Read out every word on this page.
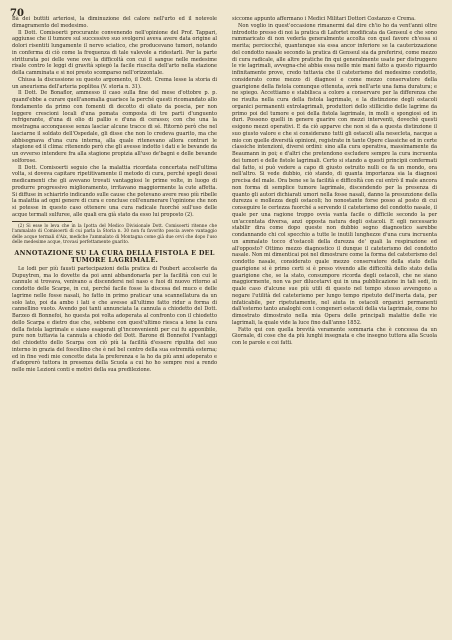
70

Bà dei buttiti arteriosi, la diminuzione del calore nell'urto ed il notevole dimagramento del medesimo.

Il Dott. Comisoerti procurante convenendo nell'opinione del Prof. Tappari, aggiunse che il tumore sul successivo suo svolgersi aveva avere data origine al dolori risentiti lungamente il nervo sciatico, che producevano tumori, notando in conferma di ciò come la frequenza di tale valevole a ridestarli. Per la parte stritturata poi delle vene ove la difficoltà con cui il sangue nelle medesime risale contro le leggi di gravità spiegò la facile riuscita dell'arto nella stazione della camminata e si noi presto scomparso nell'orizzontale.

Chiusa la discussione su questo argomento, il Dott. Crema lesse la storia di un aneurisma dell'arteria poplitea (V. storia n. 31).

Il Dott. De Bonaflor, ammesso il caso sulla fine del mese d'ottobre p. p. quand'ebbe a curare quell'anomalia guarisce la perché questi ricomandato allo fondamento da primo con fomenti di decotto di oliato da poscia, per non leggere crescioni locali d'una pomata composta di tre parti d'unguento refrigerante, d'una di olio di pallio e d'una di cerasso; con che una la mostragna acconquesse senza lasciar alcune tracce di sé. Ritornò però che nel lasciarne il soldato dell'Ospedale, gli disse che non lo credeva guarito, ma che abbisognava d'una cura interna, alla quale ritenevano allora contrari le stagione ed il clima: ritenendo però che gli avesse indotto i dati e le bevande da un ovverso intendere fra alla stagione propizia all'uso de'bagni e delle bevande solforose.

Il Dott. Comisoerti seguio che la malattia ricordata concertata nell'ultima volta, si doveva capitare ripetitivamente il metodo di cura, perché spegli dessi medicamenti che gli avevano trovati vantaggiosi le prime volte, in luogo di produrre progressivo miglioramento, irritavano maggiormente la cute affetta. Si diffuse in schiarirlo indicando sulle cause che potevano avere reso più ribelle la malattia ad ogni genere di cura e concluse coll'enumerare l'opinione che non si potesse in questo caso ottenere una cura radicale fuorché sull'uso delle acque termali sulfuree, alle quali era già stato da esso lui proposto (2).

(2) Si esse lo leva che in la Ipotta del Medico Divisionale Dott. Comisoerti ritenne che l'ammalato di Comisoerti di cui parla la Storia n. 30 non fu favorito poscia avere vantaggio delle acque termali d'Aix, mediche l'ammalato di Montagna come già due ovvi che dopo l'uso delle medesime acque, trovasi perfettamente guarito.

ANNOTAZIONE SU LA CURA DELLA FISTOLA E DEL TUMORE LAGRIMALE.

Le lodi per più fausti partecipazioni della pratica di Foubert accolserle da Dupuytren, ma lo dovette da poi anni abbandonarla per la facilità con cui le cannule si trovava, venivano a discendersi nel naso e fuoi di nuovo ritorno al condotto delle Scarpe, in cui, perché facile fosse la discesa del muco e delle lagrime nelle fosse nasali, ho fatto in primo praticar una scannellatura da un solo lato, poi da ambo i lati e che avesse all'ultimo fatto ridur a forma di cannellino vuoto. Avendo poi tanti annunciata la cannula a chiodetto del Dott. Barzeo di Bonnefoi, ho questa poi volta adoperata al confronto con il chiodetto dello Scarpa e dietro due che, sebbene con quest'ultimo riesca a lene la cura della fistola lagrimale e siano esagerati gl'inconvenienti per cui fu apponibile, pure non tuttavia la cannula a chiodo del Dott. Barone di Bonnefoi l'vantaggi del chiodetto dello Scarpa con ciò più la facilità d'essere ripulita del suo interno in grazia del foscellino che è nel bel centro della sua estremità esterna; ed in fine vedi mie concette data la preferenza e la ho da più anni adoperato e d'adoprerò tuttora in presenza della Scuola a cui ho ho sempre resi a rendo nelle mie Lezioni conti e motivi della sua predilezione.

siccome appunto affermano i Medici Militari Dottori Costanzo e Crema.

Non voglio in quest'occasione rimanermi dal dire ch'io ho da vent'anni oltre introdotto presso di noi la pratica di Lafortet modificata da Genseul e che sono rammaricato di non vederla generalmente accolta con quel favore ch'essa si merita; perciocché, quantunque sia essa ancor inferiore se la cauterizzazione del condotto nasale secondo la pratica di Genseul sia da preferirsi, come mezzo di cura radicale, alle altre pratiche fin qui generalmente usate per distruggere le vie lagrimali, avvegna-ché abbia essa nelle mie mani fatto a questo riguardo infinitamente prove, credo tuttavia che il cateterismo del medesimo condotto, considerato come mezzo di diagnosi e come mezzo conservatore della guarigione della fistola comunque ottenuta, avrà nell'arte una fama duratura; e ne spiego. Accettiamo e stabilisca a coloro a conservare per la differenza che ne risulta nella cura della fistola lagrimale, e la distinzione degli ostacoli organici permanenti extrolagrimali, produttori dello stillicidio delle lagrime da primo poi del tumore e poi della fistola lagrimale, in molli e spongiosi ed in duri. Possono quelli in genere guarire con mezzi interventi, dovechè questi esigono mezzi operativi. E da ciò apparve che non si da a questa distinzione il suo giusto valore e che si considerano tutti gli ostacoli alla nesecleta, nacque a mio con quelle diversità opinioni, registrate in tante Opere classiche ed in certe classiche intenzioni, diversi ordini: sino alla cura operativa, massimamente da Beaumann in poi; e d'altri che pretendono escludere sempre la cura incruenta dei tumori e delle fistole lagrimali. Certo si stando a questi principii confermati dal fatto, si può vedere a capo di giusto ostruito nulli ce fa un mondo, ora nell'altro. Si vede dubbio, ciò stando, di quanta importanza sia la diagnosi precisa del male. Ora bene se la facilità e difficoltà con cui entrò il male ancora non forma di semplice tumore lagrimale, discendendo per la presenza di quanto gli autori dichiarati umori nella fosse nasali, danno la presunzione della durezza e mollezza degli ostacoli; ho nonostante forse posso al posto di cui conseguire le certezza fuorché a servendo il cateterismo del condotto nasale, il quale per una ragione troppo ovvia vanta facile o difficile secondo la per un'accentata diversa, anzi opposta natura degli ostacoli. E egli necessario stabilir dira come dopo queste non dubbio segno diagnostico sarebbe condannando chi col specchio a tutte le inutili lunghezze d'una cura incruenta un ammalato tocco d'ostacoli della durezza de' quali la respirazione ed all'opposto? Ottimo mezzo diagnostico il dunque il cateterismo del condotto nasale. Non mi dimenticai poi nel dimostrare come la forma del cateterismo del condotto nasale, considerato quale mezzo conservatore della stato della guarigione si è primo certi si è preso vivendo alle difficoltà dello stato della guarigione che, se la stato, consumpore ricorda degli ostacoli, che ne siano maggiormente, non va per dilucetarvi qui in una pubblicazione in tali sedi, in quale caso d'alcune sue più utili di questo nel tempo stesso avvengono a negare l'utilità del cateterismo per lungo tempo ripetuto dell'inerta data, per infaticabile, per ripetutamente, nel aiuta in ostacoli organici permanenti dall'esterno tanto analoghi con i congeneri ostacoli della via lagrimale, come ho dimostrato dimostrato nella mia Opera delle principali malattie delle vie lagrimali, la quale vide la luce fino dall'anno 1852.

Fatto qui con quella brevità veramente sommaria che è concessa da un Giornale, di cose che da più lunghi insegnata e che insegno tuttora alla Scuola con le parole e coi fatti.
